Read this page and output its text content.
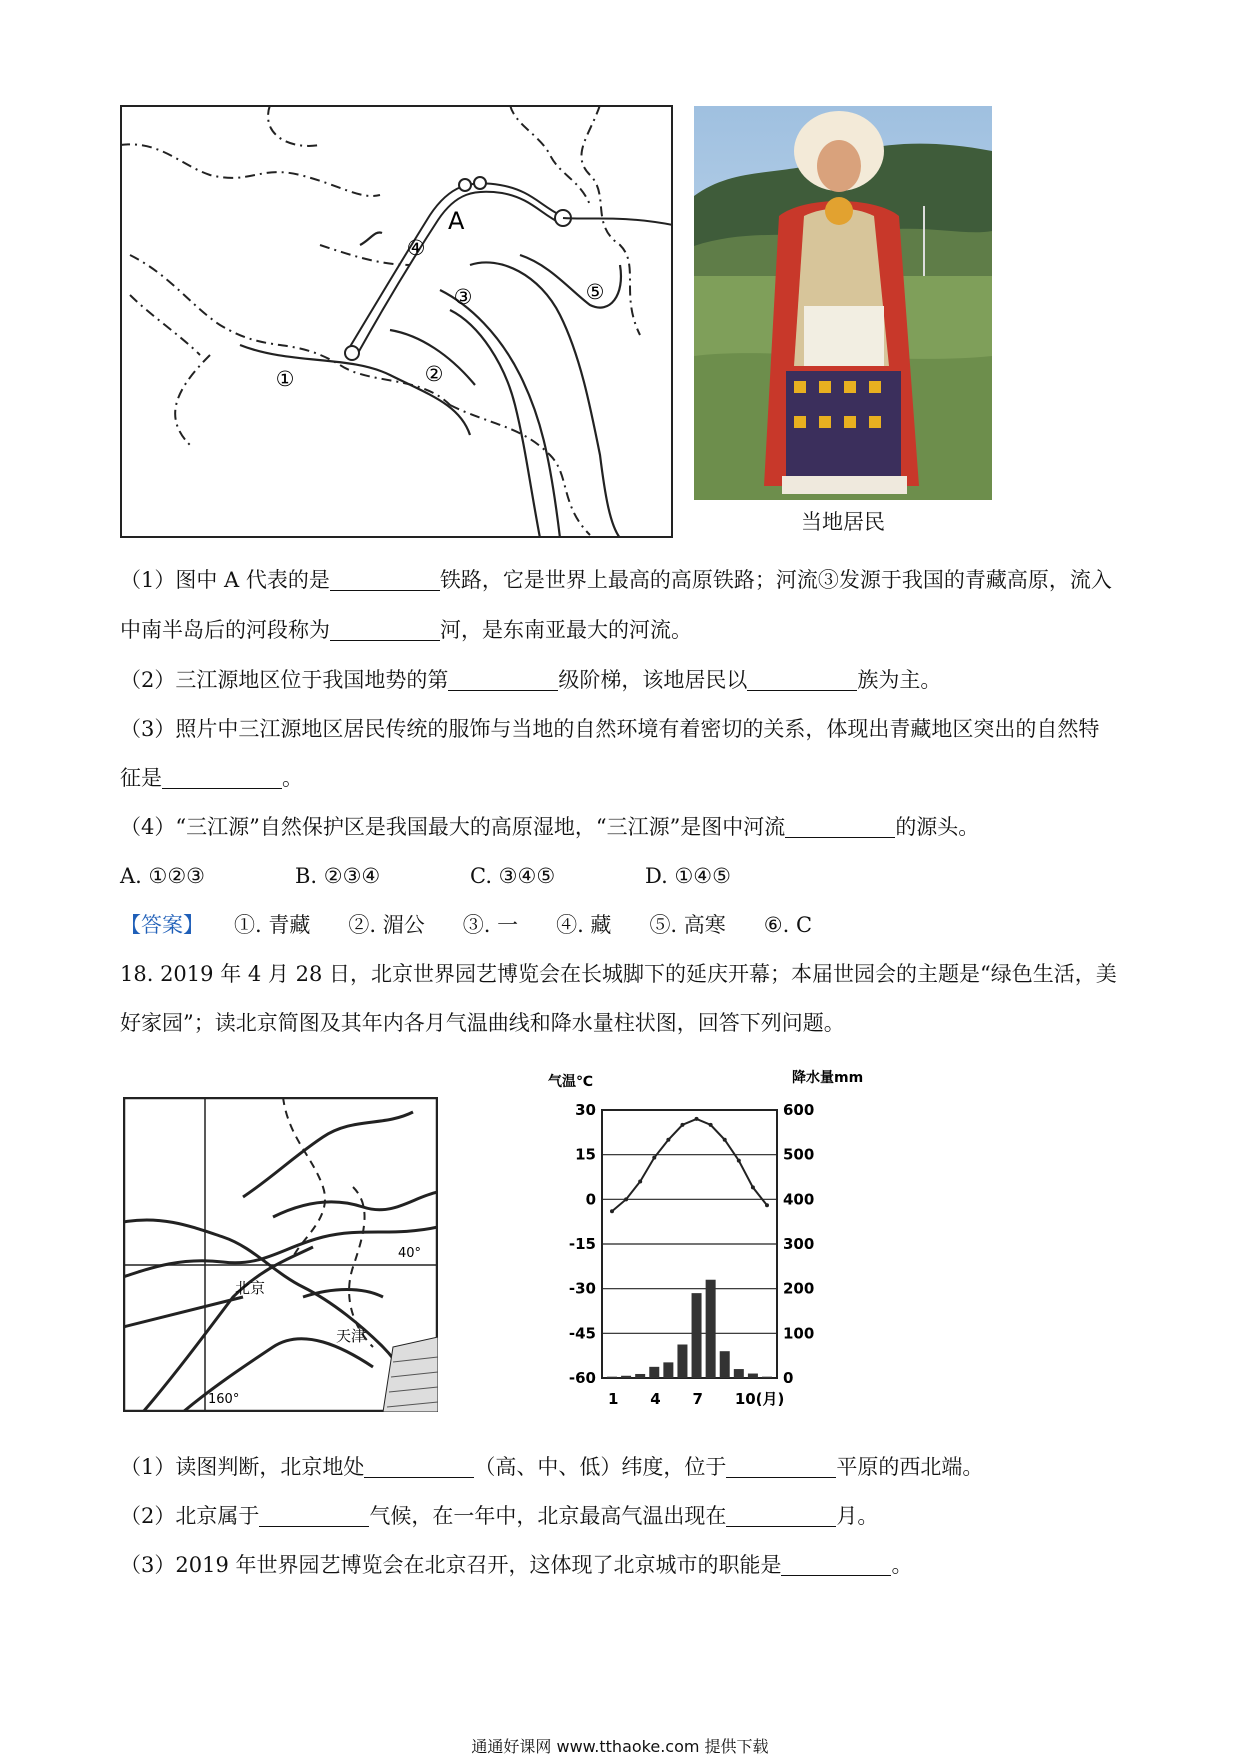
A
①	②
③
④
⑤
当地居民
（1）图中 A 代表的是	铁路，它是世界上最高的高原铁路；河流③发源于我国的青藏高原，流入
中南半岛后的河段称为	河，是东南亚最大的河流。
（2）三江源地区位于我国地势的第	级阶梯，该地居民以	族为主。
（3）照片中三江源地区居民传统的服饰与当地的自然环境有着密切的关系，体现出青藏地区突出的自然特
征是	。
（4）“三江源”自然保护区是我国最大的高原湿地，“三江源”是图中河流	的源头。
A. ①②③	B. ②③④	C. ③④⑤	D. ①④⑤
【答案】 ①. 青藏 ②. 湄公 ③. 一 ④. 藏 ⑤. 高寒 ⑥. C
18. 2019 年 4 月 28 日，北京世界园艺博览会在长城脚下的延庆开幕；本届世园会的主题是“绿色生活，美
好家园”；读北京简图及其年内各月气温曲线和降水量柱状图，回答下列问题。
北京
天津
40°
160°
气温℃	降水量mm
30
15
0
-15
-30
-45
-60
600
500
400
300
200
100
0
1 4 7 10(月)
（1）读图判断，北京地处	（高、中、低）纬度，位于	平原的西北端。
（2）北京属于	气候，在一年中，北京最高气温出现在	月。
（3）2019 年世界园艺博览会在北京召开，这体现了北京城市的职能是	。
通通好课网 www.tthaoke.com 提供下载
